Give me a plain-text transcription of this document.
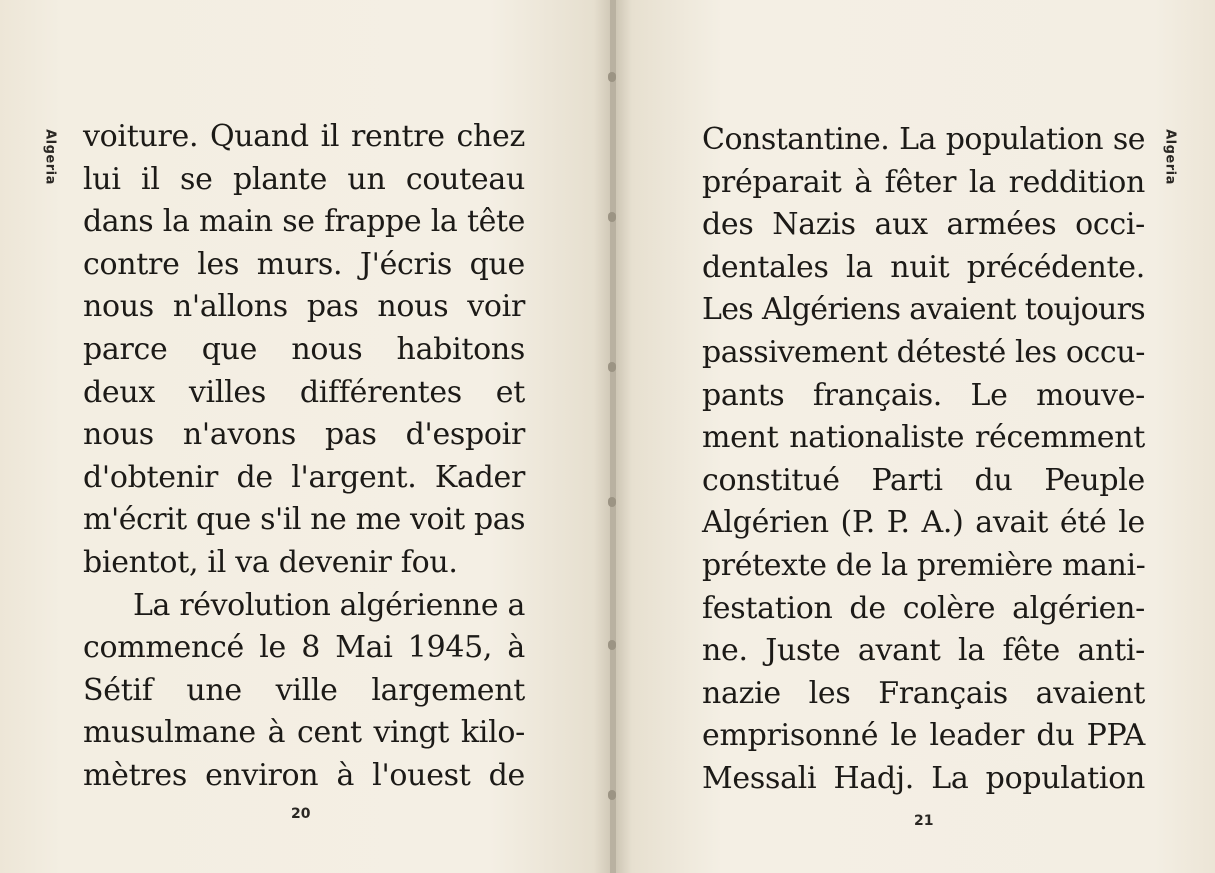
Algeria voiture. Quand il rentre chez
lui il se plante un couteau
dans la main se frappe la tête
contre les murs. J'écris que
nous n'allons pas nous voir
parce que nous habitons
deux villes différentes et
nous n'avons pas d'espoir
d'obtenir de l'argent. Kader
m'écrit que s'il ne me voit pas
bientot, il va devenir fou.
La révolution algérienne a
commencé le 8 Mai 1945, à
Sétif une ville largement
musulmane à cent vingt kilo-
mètres environ à l'ouest de
20
Algeria
Constantine. La population se
préparait à fêter la reddition
des Nazis aux armées occi-
dentales la nuit précédente.
Les Algériens avaient toujours
passivement détesté les occu-
pants français. Le mouve-
ment nationaliste récemment
constitué Parti du Peuple
Algérien (P. P. A.) avait été le
prétexte de la première mani-
festation de colère algérien-
ne. Juste avant la fête anti-
nazie les Français avaient
emprisonné le leader du PPA
Messali Hadj. La population
21
